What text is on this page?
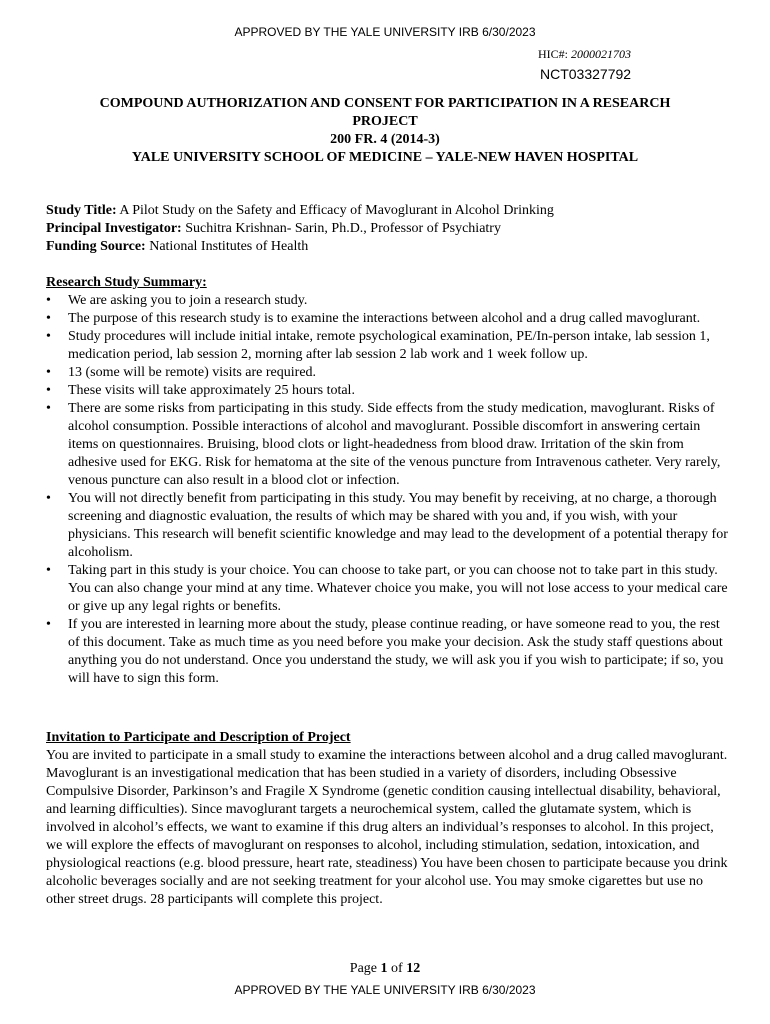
APPROVED BY THE YALE UNIVERSITY IRB 6/30/2023
HIC#: 2000021703
NCT03327792
COMPOUND AUTHORIZATION AND CONSENT FOR PARTICIPATION IN A RESEARCH
PROJECT
200 FR. 4 (2014-3)
YALE UNIVERSITY SCHOOL OF MEDICINE – YALE-NEW HAVEN HOSPITAL
Study Title: A Pilot Study on the Safety and Efficacy of Mavoglurant in Alcohol Drinking
Principal Investigator: Suchitra Krishnan- Sarin, Ph.D., Professor of Psychiatry
Funding Source: National Institutes of Health
Research Study Summary:
•	We are asking you to join a research study.
•	The purpose of this research study is to examine the interactions between alcohol and a drug called mavoglurant.
•	Study procedures will include initial intake, remote psychological examination, PE/In-person intake, lab session 1, medication period, lab session 2, morning after lab session 2 lab work and 1 week follow up.
•	13 (some will be remote) visits are required.
•	These visits will take approximately 25 hours total.
•	There are some risks from participating in this study. Side effects from the study medication, mavoglurant. Risks of alcohol consumption. Possible interactions of alcohol and mavoglurant. Possible discomfort in answering certain items on questionnaires. Bruising, blood clots or light-headedness from blood draw. Irritation of the skin from adhesive used for EKG. Risk for hematoma at the site of the venous puncture from Intravenous catheter. Very rarely, venous puncture can also result in a blood clot or infection.
•	You will not directly benefit from participating in this study. You may benefit by receiving, at no charge, a thorough screening and diagnostic evaluation, the results of which may be shared with you and, if you wish, with your physicians. This research will benefit scientific knowledge and may lead to the development of a potential therapy for alcoholism.
•	Taking part in this study is your choice. You can choose to take part, or you can choose not to take part in this study. You can also change your mind at any time. Whatever choice you make, you will not lose access to your medical care or give up any legal rights or benefits.
•	If you are interested in learning more about the study, please continue reading, or have someone read to you, the rest of this document. Take as much time as you need before you make your decision. Ask the study staff questions about anything you do not understand. Once you understand the study, we will ask you if you wish to participate; if so, you will have to sign this form.
Invitation to Participate and Description of Project

You are invited to participate in a small study to examine the interactions between alcohol and a drug called mavoglurant. Mavoglurant is an investigational medication that has been studied in a variety of disorders, including Obsessive Compulsive Disorder, Parkinson’s and Fragile X Syndrome (genetic condition causing intellectual disability, behavioral, and learning difficulties). Since mavoglurant targets a neurochemical system, called the glutamate system, which is involved in alcohol’s effects, we want to examine if this drug alters an individual’s responses to alcohol. In this project, we will explore the effects of mavoglurant on responses to alcohol, including stimulation, sedation, intoxication, and physiological reactions (e.g. blood pressure, heart rate, steadiness) You have been chosen to participate because you drink alcoholic beverages socially and are not seeking treatment for your alcohol use. You may smoke cigarettes but use no other street drugs. 28 participants will complete this project.

Page 1 of 12
APPROVED BY THE YALE UNIVERSITY IRB 6/30/2023
